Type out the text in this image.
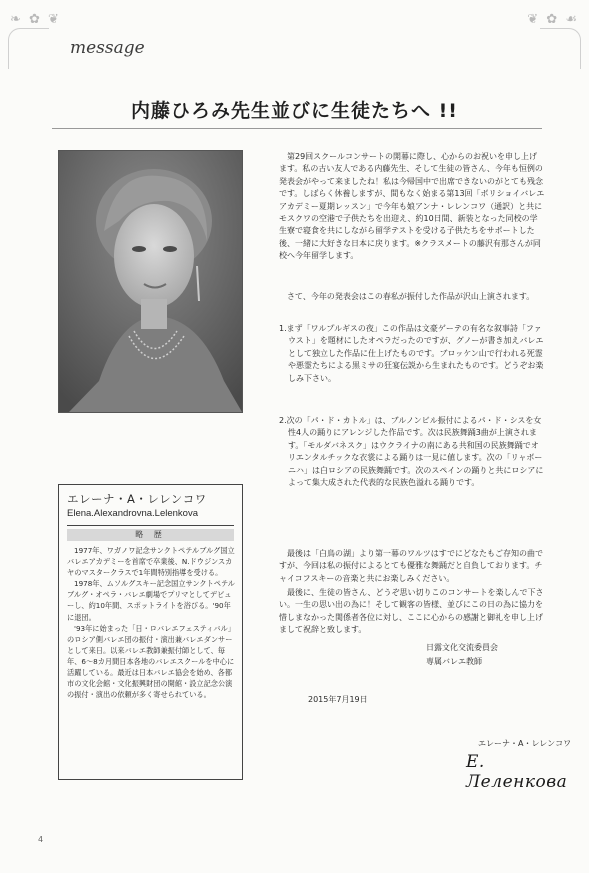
❧ ✿ ❦	❦ ✿ ☙
message
内藤ひろみ先生並びに生徒たちへ !!
エレーナ・A・レレンコワ
Elena.Alexandrovna.Lelenkova
略 歴

1977年、ワガノワ記念サンクトペテルブルグ国立バレエアカデミーを首席で卒業後、N.ドウジンスカヤのマスタークラスで1年間特別指導を受ける。

1978年、ムソルグスキー記念国立サンクトペテルブルグ・オペラ・バレエ劇場でプリマとしてデビューし、約10年間、スポットライトを浴びる。'90年に退団。

'93年に始まった「日・ロバレエフェスティバル」のロシア側バレエ団の振付・演出兼バレエダンサーとして来日。以来バレエ教師兼振付師として、毎年、6～8カ月間日本各地のバレエスクールを中心に活躍している。最近は日本バレエ協会を始め、各都市の文化会館・文化振興財団の開館・設立記念公演の振付・演出の依頼が多く寄せられている。

第29回スクールコンサートの開幕に際し、心からのお祝いを申し上げます。私の古い友人である内藤先生、そして生徒の皆さん、今年も恒例の発表会がやって来ましたね！私は今帰国中で出席できないのがとても残念です。しばらく休養しますが、間もなく始まる第13回「ボリショイバレエアカデミー夏期レッスン」で今年も娘アンナ・レレンコワ（通訳）と共にモスクワの空港で子供たちを出迎え、約10日間、新装となった同校の学生寮で寝食を共にしながら留学テストを受ける子供たちをサポートした後、一緒に大好きな日本に戻ります。※クラスメートの藤沢有那さんが同校へ今年留学します。

さて、今年の発表会はこの春私が振付した作品が沢山上演されます。

1.まず「ワルプルギスの夜」この作品は文豪ゲーテの有名な叙事詩「ファウスト」を題材にしたオペラだったのですが、グノーが書き加えバレエとして独立した作品に仕上げたものです。ブロッケン山で行われる死霊や悪霊たちによる黒ミサの狂宴伝説から生まれたものです。どうぞお楽しみ下さい。

2.次の「パ・ド・カトル」は、ブルノンビル振付によるパ・ド・シスを女性4人の踊りにアレンジした作品です。次は民族舞踊3曲が上演されます。「モルダバネスク」はウクライナの南にある共和国の民族舞踊でオリエンタルチックな衣裳による踊りは一見に値します。次の「リャボーニハ」は白ロシアの民族舞踊です。次のスペインの踊りと共にロシアによって集大成された代表的な民族色溢れる踊りです。

最後は「白鳥の湖」より第一幕のワルツはすでにどなたもご存知の曲ですが、今回は私の振付によるとても優雅な舞踊だと自負しております。チャイコフスキーの音楽と共にお楽しみください。

最後に、生徒の皆さん、どうぞ思い切りこのコンサートを楽しんで下さい。一生の思い出の為に！そして観客の皆様、並びにこの日の為に協力を惜しまなかった関係者各位に対し、ここに心からの感謝と御礼を申し上げまして祝辞と致します。

日露文化交流委員会
専属バレエ教師
2015年7月19日
エレーナ・A・レレンコワ
E. Леленкова
4
